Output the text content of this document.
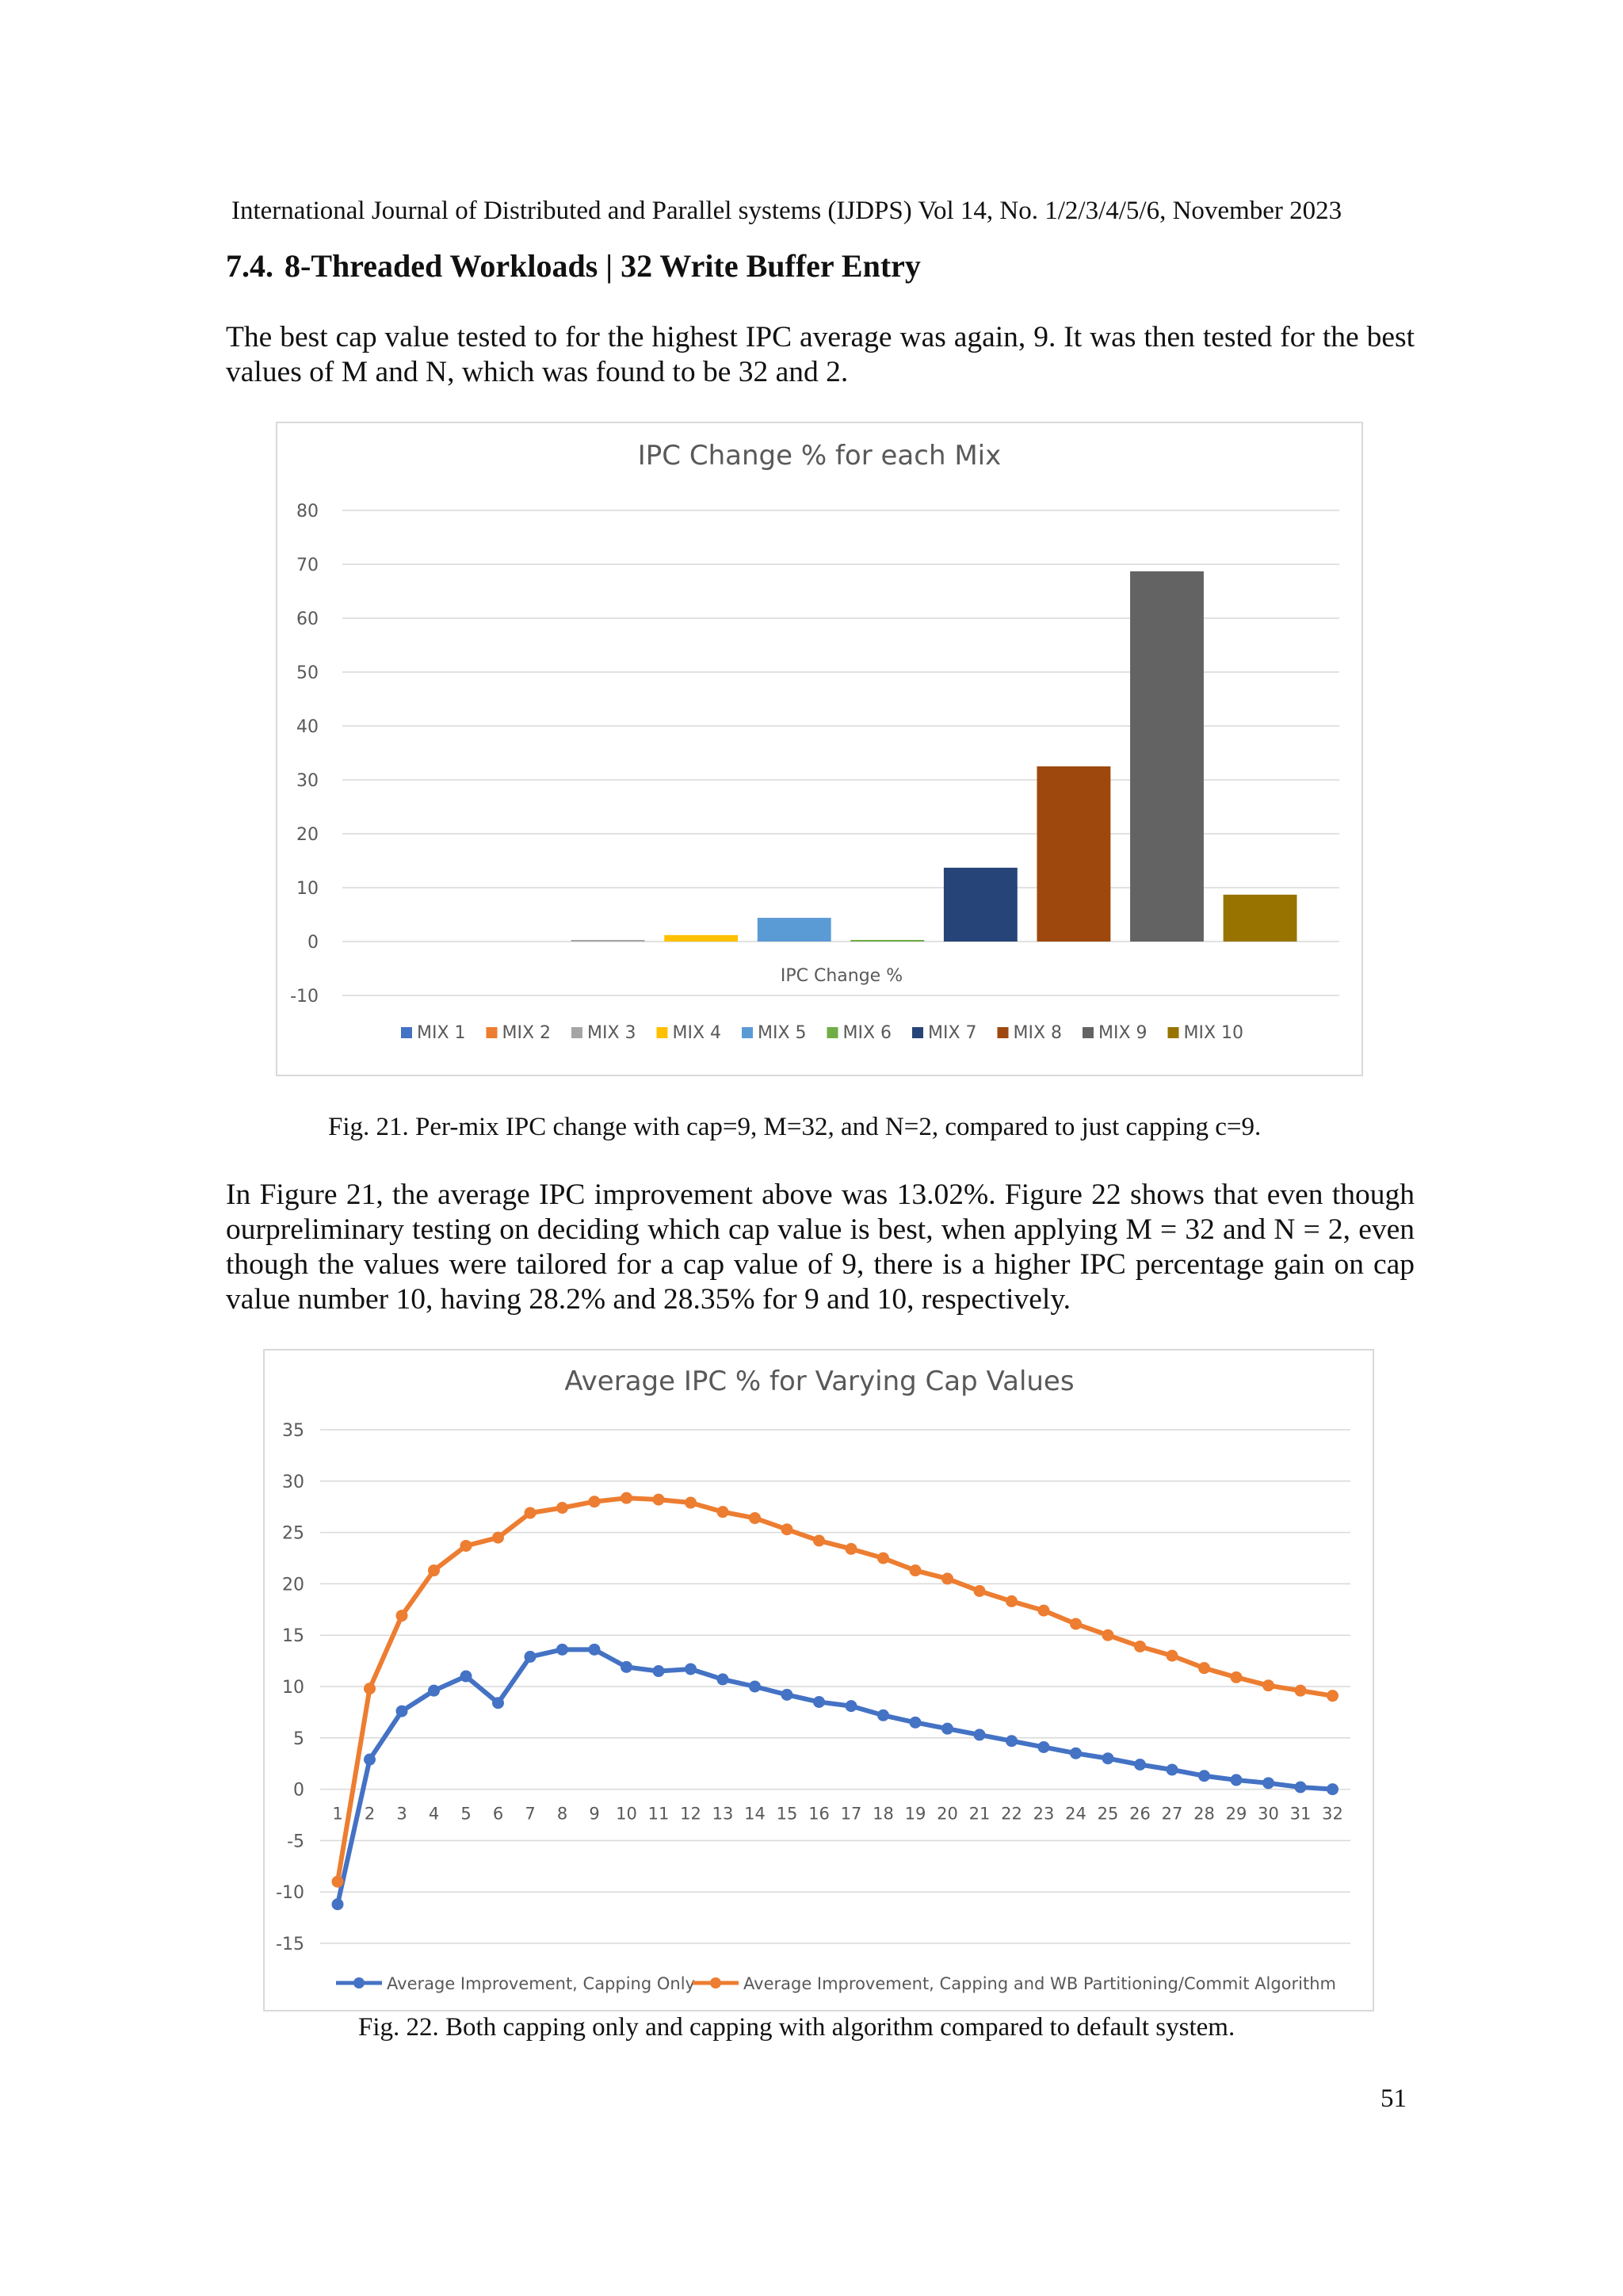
International Journal of Distributed and Parallel systems (IJDPS) Vol 14, No. 1/2/3/4/5/6, November 2023
7.4. 8-Threaded Workloads | 32 Write Buffer Entry

The best cap value tested to for the highest IPC average was again, 9. It was then tested for the best values of M and N, which was found to be 32 and 2.

IPC Change % for each Mix
-10
0
10
20
30
40
50
60
70
80
IPC Change %
MIX 1 MIX 2 MIX 3 MIX 4 MIX 5 MIX 6 MIX 7 MIX 8 MIX 9 MIX 10
Fig. 21. Per-mix IPC change with cap=9, M=32, and N=2, compared to just capping c=9.

In Figure 21, the average IPC improvement above was 13.02%. Figure 22 shows that even though ourpreliminary testing on deciding which cap value is best, when applying M = 32 and N = 2, even though the values were tailored for a cap value of 9, there is a higher IPC percentage gain on cap value number 10, having 28.2% and 28.35% for 9 and 10, respectively.

Average IPC % for Varying Cap Values
-15
-10
-5
0
5
10
15
20
25
30
35
1 2 3 4 5 6 7 8 9 10 11 12 13 14 15 16 17 18 19 20 21 22 23 24 25 26 27 28 29 30 31 32
Average Improvement, Capping Only	Average Improvement, Capping and WB Partitioning/Commit Algorithm
Fig. 22. Both capping only and capping with algorithm compared to default system.
51
